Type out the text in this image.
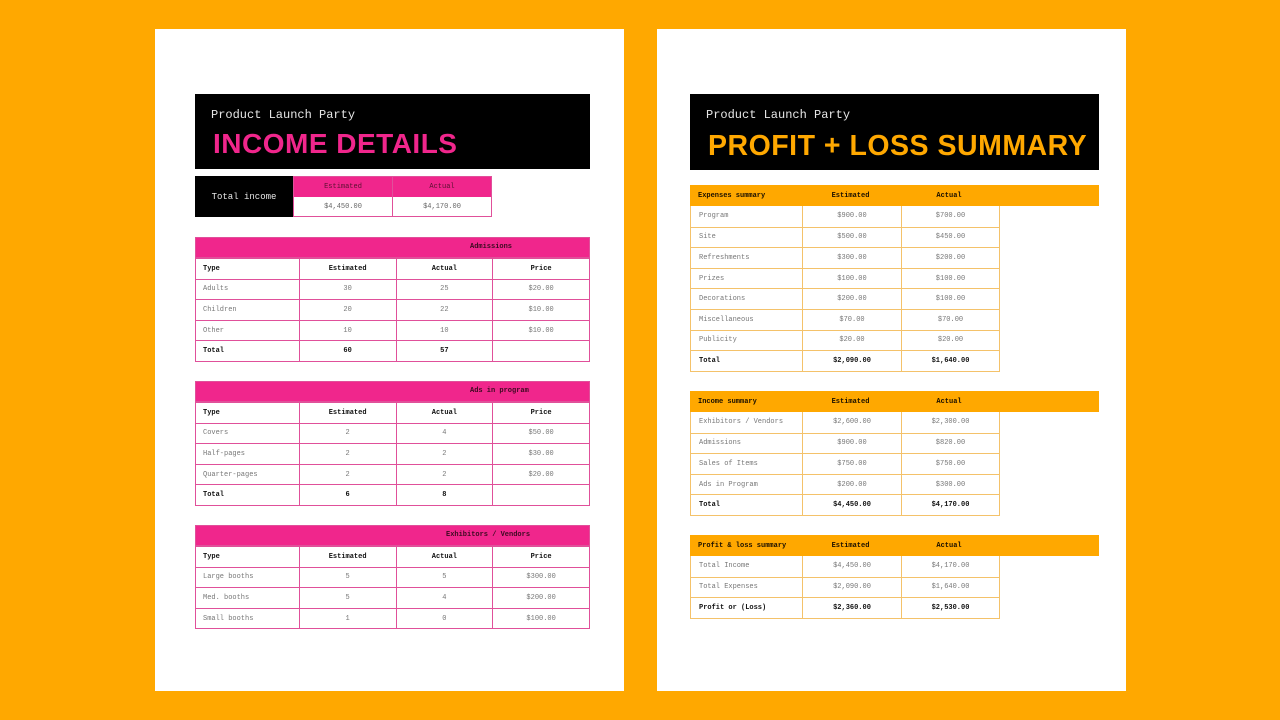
Product Launch Party
INCOME DETAILS
Total income
Estimated	Actual
$4,450.00	$4,170.00
Admissions
Type	Estimated	Actual	Price
Adults	30	25	$20.00
Children	20	22	$10.00
Other	10	10	$10.00
Total	60	57
Ads in program
Type	Estimated	Actual	Price
Covers	2	4	$50.00
Half-pages	2	2	$30.00
Quarter-pages	2	2	$20.00
Total	6	8
Exhibitors / Vendors
Type	Estimated	Actual	Price
Large booths	5	5	$300.00
Med. booths	5	4	$200.00
Small booths	1	0	$100.00
Product Launch Party
PROFIT + LOSS SUMMARY
Expenses summary	Estimated	Actual
Program	$900.00	$700.00
Site	$500.00	$450.00
Refreshments	$300.00	$200.00
Prizes	$100.00	$100.00
Decorations	$200.00	$100.00
Miscellaneous	$70.00	$70.00
Publicity	$20.00	$20.00
Total	$2,090.00	$1,640.00
Income summary	Estimated	Actual
Exhibitors / Vendors	$2,600.00	$2,300.00
Admissions	$900.00	$820.00
Sales of Items	$750.00	$750.00
Ads in Program	$200.00	$300.00
Total	$4,450.00	$4,170.00
Profit & loss summary	Estimated	Actual
Total Income	$4,450.00	$4,170.00
Total Expenses	$2,090.00	$1,640.00
Profit or (Loss)	$2,360.00	$2,530.00
